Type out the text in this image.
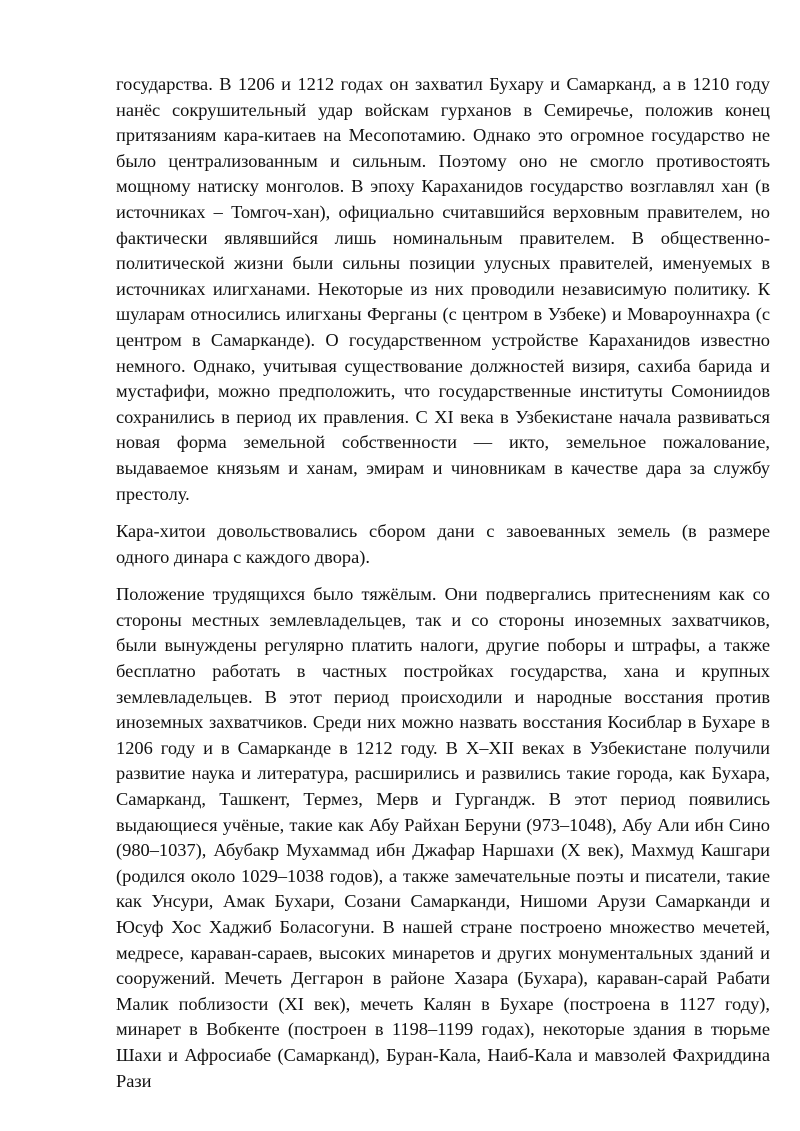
государства. В 1206 и 1212 годах он захватил Бухару и Самарканд, а в 1210 году нанёс сокрушительный удар войскам гурханов в Семиречье, положив конец притязаниям кара-китаев на Месопотамию. Однако это огромное государство не было централизованным и сильным. Поэтому оно не смогло противостоять мощному натиску монголов. В эпоху Караханидов государство возглавлял хан (в источниках – Томгоч-хан), официально считавшийся верховным правителем, но фактически являвшийся лишь номинальным правителем. В общественно-политической жизни были сильны позиции улусных правителей, именуемых в источниках илигханами. Некоторые из них проводили независимую политику. К шуларам относились илигханы Ферганы (с центром в Узбеке) и Мовароуннахра (с центром в Самарканде). О государственном устройстве Караханидов известно немного. Однако, учитывая существование должностей визиря, сахиба барида и мустафифи, можно предположить, что государственные институты Сомониидов сохранились в период их правления. С XI века в Узбекистане начала развиваться новая форма земельной собственности — икто, земельное пожалование, выдаваемое князьям и ханам, эмирам и чиновникам в качестве дара за службу престолу.

Кара-хитои довольствовались сбором дани с завоеванных земель (в размере одного динара с каждого двора).

Положение трудящихся было тяжёлым. Они подвергались притеснениям как со стороны местных землевладельцев, так и со стороны иноземных захватчиков, были вынуждены регулярно платить налоги, другие поборы и штрафы, а также бесплатно работать в частных постройках государства, хана и крупных землевладельцев. В этот период происходили и народные восстания против иноземных захватчиков. Среди них можно назвать восстания Косиблар в Бухаре в 1206 году и в Самарканде в 1212 году. В X–XII веках в Узбекистане получили развитие наука и литература, расширились и развились такие города, как Бухара, Самарканд, Ташкент, Термез, Мерв и Гургандж. В этот период появились выдающиеся учёные, такие как Абу Райхан Беруни (973–1048), Абу Али ибн Сино (980–1037), Абубакр Мухаммад ибн Джафар Наршахи (X век), Махмуд Кашгари (родился около 1029–1038 годов), а также замечательные поэты и писатели, такие как Унсури, Амак Бухари, Созани Самарканди, Нишоми Арузи Самарканди и Юсуф Хос Хаджиб Боласогуни. В нашей стране построено множество мечетей, медресе, караван-сараев, высоких минаретов и других монументальных зданий и сооружений. Мечеть Деггарон в районе Хазара (Бухара), караван-сарай Рабати Малик поблизости (XI век), мечеть Калян в Бухаре (построена в 1127 году), минарет в Вобкенте (построен в 1198–1199 годах), некоторые здания в тюрьме Шахи и Афросиабе (Самарканд), Буран-Кала, Наиб-Кала и мавзолей Фахриддина Рази
